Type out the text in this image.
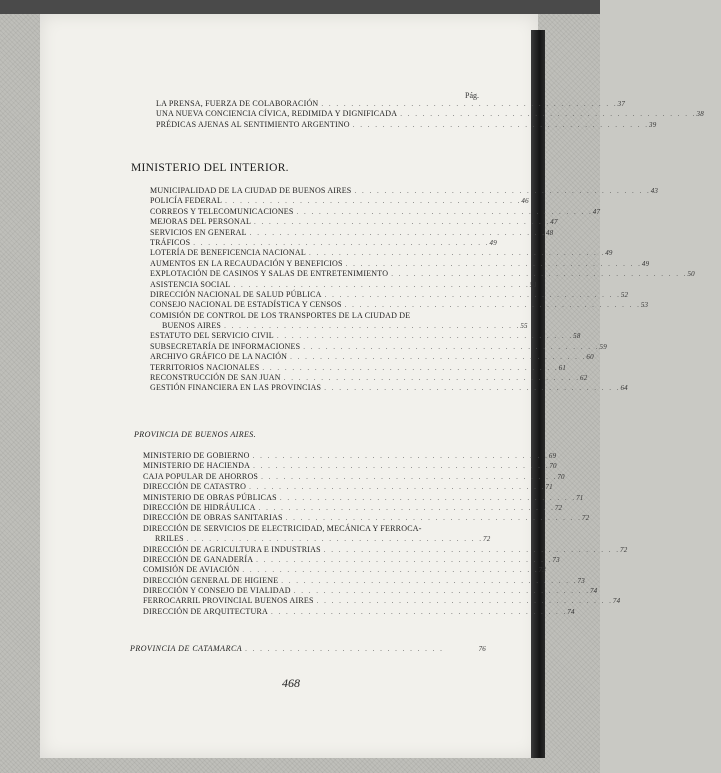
Pág.
LA PRENSA, FUERZA DE COLABORACIÓN . . . . . . . . . . . . . . . . . . . . . . . . . . . . . . . . . . . . . . . . 37
UNA NUEVA CONCIENCIA CÍVICA, REDIMIDA Y DIGNIFICADA . . . . . . . . . . . . . . . . . . . . . . . . . . . . . . . . . . . . . . . . 38
PRÉDICAS AJENAS AL SENTIMIENTO ARGENTINO . . . . . . . . . . . . . . . . . . . . . . . . . . . . . . . . . . . . . . . . 39
MINISTERIO DEL INTERIOR.
MUNICIPALIDAD DE LA CIUDAD DE BUENOS AIRES . . . . . . . . . . . . . . . . . . . . . . . . . . . . . . . . . . . . . . . . 43
POLICÍA FEDERAL . . . . . . . . . . . . . . . . . . . . . . . . . . . . . . . . . . . . . . . . 46
CORREOS Y TELECOMUNICACIONES . . . . . . . . . . . . . . . . . . . . . . . . . . . . . . . . . . . . . . . . 47
MEJORAS DEL PERSONAL . . . . . . . . . . . . . . . . . . . . . . . . . . . . . . . . . . . . . . . . 47
SERVICIOS EN GENERAL . . . . . . . . . . . . . . . . . . . . . . . . . . . . . . . . . . . . . . . . 48
TRÁFICOS . . . . . . . . . . . . . . . . . . . . . . . . . . . . . . . . . . . . . . . . 49
LOTERÍA DE BENEFICENCIA NACIONAL . . . . . . . . . . . . . . . . . . . . . . . . . . . . . . . . . . . . . . . . 49
AUMENTOS EN LA RECAUDACIÓN Y BENEFICIOS . . . . . . . . . . . . . . . . . . . . . . . . . . . . . . . . . . . . . . . . 49
EXPLOTACIÓN DE CASINOS Y SALAS DE ENTRETENIMIENTO . . . . . . . . . . . . . . . . . . . . . . . . . . . . . . . . . . . . . . . . 50
ASISTENCIA SOCIAL . . . . . . . . . . . . . . . . . . . . . . . . . . . . . . . . . . . . . . . . 51
DIRECCIÓN NACIONAL DE SALUD PÚBLICA . . . . . . . . . . . . . . . . . . . . . . . . . . . . . . . . . . . . . . . . 52
CONSEJO NACIONAL DE ESTADÍSTICA Y CENSOS . . . . . . . . . . . . . . . . . . . . . . . . . . . . . . . . . . . . . . . . 53
COMISIÓN DE CONTROL DE LOS TRANSPORTES DE LA CIUDAD DE
BUENOS AIRES . . . . . . . . . . . . . . . . . . . . . . . . . . . . . . . . . . . . . . . . 55
ESTATUTO DEL SERVICIO CIVIL . . . . . . . . . . . . . . . . . . . . . . . . . . . . . . . . . . . . . . . . 58
SUBSECRETARÍA DE INFORMACIONES . . . . . . . . . . . . . . . . . . . . . . . . . . . . . . . . . . . . . . . . 59
ARCHIVO GRÁFICO DE LA NACIÓN . . . . . . . . . . . . . . . . . . . . . . . . . . . . . . . . . . . . . . . . 60
TERRITORIOS NACIONALES . . . . . . . . . . . . . . . . . . . . . . . . . . . . . . . . . . . . . . . . 61
RECONSTRUCCIÓN DE SAN JUAN . . . . . . . . . . . . . . . . . . . . . . . . . . . . . . . . . . . . . . . . 62
GESTIÓN FINANCIERA EN LAS PROVINCIAS . . . . . . . . . . . . . . . . . . . . . . . . . . . . . . . . . . . . . . . . 64
PROVINCIA DE BUENOS AIRES.
MINISTERIO DE GOBIERNO . . . . . . . . . . . . . . . . . . . . . . . . . . . . . . . . . . . . . . . . 69
MINISTERIO DE HACIENDA . . . . . . . . . . . . . . . . . . . . . . . . . . . . . . . . . . . . . . . . 70
CAJA POPULAR DE AHORROS . . . . . . . . . . . . . . . . . . . . . . . . . . . . . . . . . . . . . . . . 70
DIRECCIÓN DE CATASTRO . . . . . . . . . . . . . . . . . . . . . . . . . . . . . . . . . . . . . . . . 71
MINISTERIO DE OBRAS PÚBLICAS . . . . . . . . . . . . . . . . . . . . . . . . . . . . . . . . . . . . . . . . 71
DIRECCIÓN DE HIDRÁULICA . . . . . . . . . . . . . . . . . . . . . . . . . . . . . . . . . . . . . . . . 72
DIRECCIÓN DE OBRAS SANITARIAS . . . . . . . . . . . . . . . . . . . . . . . . . . . . . . . . . . . . . . . . 72
DIRECCIÓN DE SERVICIOS DE ELECTRICIDAD, MECÁNICA Y FERROCA-
RRILES . . . . . . . . . . . . . . . . . . . . . . . . . . . . . . . . . . . . . . . . 72
DIRECCIÓN DE AGRICULTURA E INDUSTRIAS . . . . . . . . . . . . . . . . . . . . . . . . . . . . . . . . . . . . . . . . 72
DIRECCIÓN DE GANADERÍA . . . . . . . . . . . . . . . . . . . . . . . . . . . . . . . . . . . . . . . . 73
COMISIÓN DE AVIACIÓN . . . . . . . . . . . . . . . . . . . . . . . . . . . . . . . . . . . . . . . . 73
DIRECCIÓN GENERAL DE HIGIENE . . . . . . . . . . . . . . . . . . . . . . . . . . . . . . . . . . . . . . . . 73
DIRECCIÓN Y CONSEJO DE VIALIDAD . . . . . . . . . . . . . . . . . . . . . . . . . . . . . . . . . . . . . . . . 74
FERROCARRIL PROVINCIAL BUENOS AIRES . . . . . . . . . . . . . . . . . . . . . . . . . . . . . . . . . . . . . . . . 74
DIRECCIÓN DE ARQUITECTURA . . . . . . . . . . . . . . . . . . . . . . . . . . . . . . . . . . . . . . . . 74
PROVINCIA DE CATAMARCA . . . . . . . . . . . . . . . . . . . . . . . . . . .	76
468
